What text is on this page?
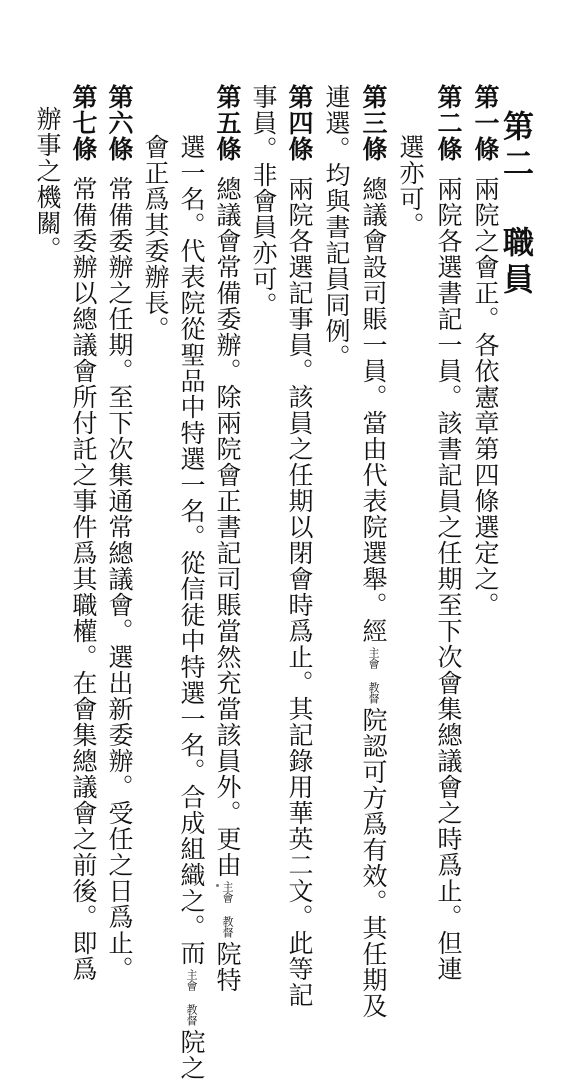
第二 職員
第一條兩院之會正。各依憲章第四條選定之。
第二條兩院各選書記一員。該書記員之任期至下次會集總議會之時爲止。但連
選亦可。
第三條總議會設司賬一員。當由代表院選舉。經主會 教督院認可方爲有效。其任期及
連選。均與書記員同例。
第四條兩院各選記事員。該員之任期以閉會時爲止。其記錄用華英二文。此等記
事員。非會員亦可。
第五條總議會常備委辦。除兩院會正書記司賬當然充當該員外。更由主會 教督院特
選一名。代表院從聖品中特選一名。從信徒中特選一名。合成組織之。而主會 教督院之
會正爲其委辦長。
第六條常備委辦之任期。至下次集通常總議會。選出新委辦。受任之日爲止。
第七條常備委辦以總議會所付託之事件爲其職權。在會集總議會之前後。即爲
辦事之機關。
